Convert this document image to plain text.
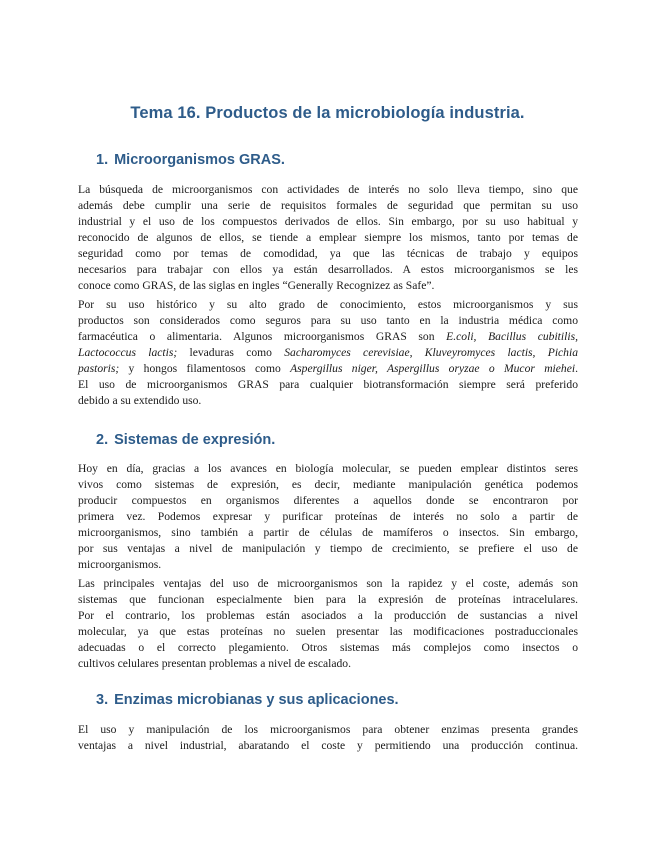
Tema 16. Productos de la microbiología industria.
1. Microorganismos GRAS.

La búsqueda de microorganismos con actividades de interés no solo lleva tiempo, sino que
además debe cumplir una serie de requisitos formales de seguridad que permitan su uso
industrial y el uso de los compuestos derivados de ellos. Sin embargo, por su uso habitual y
reconocido de algunos de ellos, se tiende a emplear siempre los mismos, tanto por temas de
seguridad como por temas de comodidad, ya que las técnicas de trabajo y equipos
necesarios para trabajar con ellos ya están desarrollados. A estos microorganismos se les
conoce como GRAS, de las siglas en ingles “Generally Recognizez as Safe”.

Por su uso histórico y su alto grado de conocimiento, estos microorganismos y sus
productos son considerados como seguros para su uso tanto en la industria médica como
farmacéutica o alimentaria. Algunos microorganismos GRAS son E.coli, Bacillus cubitilis,
Lactococcus lactis; levaduras como Sacharomyces cerevisiae, Kluveyromyces lactis, Pichia
pastoris; y hongos filamentosos como Aspergillus niger, Aspergillus oryzae o Mucor miehei.
El uso de microorganismos GRAS para cualquier biotransformación siempre será preferido
debido a su extendido uso.

2. Sistemas de expresión.

Hoy en día, gracias a los avances en biología molecular, se pueden emplear distintos seres
vivos como sistemas de expresión, es decir, mediante manipulación genética podemos
producir compuestos en organismos diferentes a aquellos donde se encontraron por
primera vez. Podemos expresar y purificar proteínas de interés no solo a partir de
microorganismos, sino también a partir de células de mamíferos o insectos. Sin embargo,
por sus ventajas a nivel de manipulación y tiempo de crecimiento, se prefiere el uso de
microorganismos.

Las principales ventajas del uso de microorganismos son la rapidez y el coste, además son
sistemas que funcionan especialmente bien para la expresión de proteínas intracelulares.
Por el contrario, los problemas están asociados a la producción de sustancias a nivel
molecular, ya que estas proteínas no suelen presentar las modificaciones postraduccionales
adecuadas o el correcto plegamiento. Otros sistemas más complejos como insectos o
cultivos celulares presentan problemas a nivel de escalado.

3. Enzimas microbianas y sus aplicaciones.

El uso y manipulación de los microorganismos para obtener enzimas presenta grandes
ventajas a nivel industrial, abaratando el coste y permitiendo una producción continua.
